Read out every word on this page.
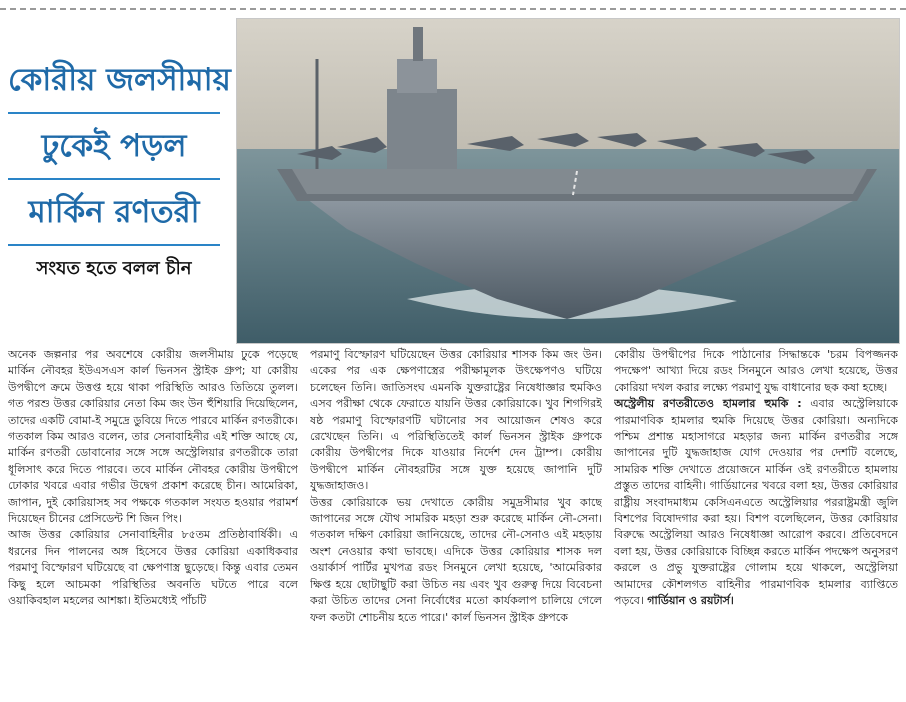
কোরীয় জলসীমায়
ঢুকেই পড়ল
মার্কিন রণতরী
সংযত হতে বলল চীন

অনেক জল্পনার পর অবশেষে কোরীয় জলসীমায় ঢুকে পড়েছে মার্কিন নৌবহর ইউএসএস কার্ল ভিনসন স্ট্রাইক গ্রুপ; যা কোরীয় উপদ্বীপে ক্রমে উত্তপ্ত হয়ে থাকা পরিস্থিতি আরও তিতিয়ে তুলল। গত পরশু উত্তর কোরিয়ার নেতা কিম জং উন হুঁশিয়ারি দিয়েছিলেন, তাদের একটি বোমা-ই সমুদ্রে ডুবিয়ে দিতে পারবে মার্কিন রণতরীকে। গতকাল কিম আরও বলেন, তার সেনাবাহিনীর এই শক্তি আছে যে, মার্কিন রণতরী ডোবানোর সঙ্গে সঙ্গে অস্ট্রেলিয়ার রণতরীকে তারা ধূলিসাৎ করে দিতে পারবে। তবে মার্কিন নৌবহর কোরীয় উপদ্বীপে ঢোকার খবরে এবার গভীর উদ্বেগ প্রকাশ করেছে চীন। আমেরিকা, জাপান, দুই কোরিয়াসহ সব পক্ষকে গতকাল সংযত হওয়ার পরামর্শ দিয়েছেন চীনের প্রেসিডেন্ট শি জিন পিং।

আজ উত্তর কোরিয়ার সেনাবাহিনীর ৮৫তম প্রতিষ্ঠাবার্ষিকী। এ ধরনের দিন পালনের অঙ্গ হিসেবে উত্তর কোরিয়া একাধিকবার পরমাণু বিস্ফোরণ ঘটিয়েছে বা ক্ষেপণাস্ত্র ছুড়েছে। কিন্তু এবার তেমন কিছু হলে আচমকা পরিস্থিতির অবনতি ঘটতে পারে বলে ওয়াকিবহাল মহলের আশঙ্কা। ইতিমধ্যেই পাঁচটি

পরমাণু বিস্ফোরণ ঘটিয়েছেন উত্তর কোরিয়ার শাসক কিম জং উন। একের পর এক ক্ষেপণাস্ত্রের পরীক্ষামূলক উৎক্ষেপণও ঘটিয়ে চলেছেন তিনি। জাতিসংঘ এমনকি যুক্তরাষ্ট্রের নিষেধাজ্ঞার হুমকিও এসব পরীক্ষা থেকে ফেরাতে যায়নি উত্তর কোরিয়াকে। খুব শিগগিরই ষষ্ঠ পরমাণু বিস্ফোরণটি ঘটানোর সব আয়োজন শেষও করে রেখেছেন তিনি। এ পরিস্থিতিতেই কার্ল ভিনসন স্ট্রাইক গ্রুপকে কোরীয় উপদ্বীপের দিকে যাওয়ার নির্দেশ দেন ট্রাম্প। কোরীয় উপদ্বীপে মার্কিন নৌবহরটির সঙ্গে যুক্ত হয়েছে জাপানি দুটি যুদ্ধজাহাজও।

উত্তর কোরিয়াকে ভয় দেখাতে কোরীয় সমুদ্রসীমার খুব কাছে জাপানের সঙ্গে যৌথ সামরিক মহড়া শুরু করেছে মার্কিন নৌ-সেনা। গতকাল দক্ষিণ কোরিয়া জানিয়েছে, তাদের নৌ-সেনাও এই মহড়ায় অংশ নেওয়ার কথা ভাবছে। এদিকে উত্তর কোরিয়ার শাসক দল ওয়ার্কার্স পার্টির মুখপত্র রডং সিনমুনে লেখা হয়েছে, 'আমেরিকার ক্ষিপ্ত হয়ে ছোটাছুটি করা উচিত নয় এবং খুব গুরুত্ব দিয়ে বিবেচনা করা উচিত তাদের সেনা নির্বোধের মতো কার্যকলাপ চালিয়ে গেলে ফল কতটা শোচনীয় হতে পারে।' কার্ল ভিনসন স্ট্রাইক গ্রুপকে

কোরীয় উপদ্বীপের দিকে পাঠানোর সিদ্ধান্তকে 'চরম বিপজ্জনক পদক্ষেপ' আখ্যা দিয়ে রডং সিনমুনে আরও লেখা হয়েছে, উত্তর কোরিয়া দখল করার লক্ষ্যে পরমাণু যুদ্ধ বাধানোর ছক কষা হচ্ছে।

অস্ট্রেলীয় রণতরীতেও হামলার হুমকি : এবার অস্ট্রেলিয়াকে পারমাণবিক হামলার হুমকি দিয়েছে উত্তর কোরিয়া। অন্যদিকে পশ্চিম প্রশান্ত মহাসাগরে মহড়ার জন্য মার্কিন রণতরীর সঙ্গে জাপানের দুটি যুদ্ধজাহাজ যোগ দেওয়ার পর দেশটি বলেছে, সামরিক শক্তি দেখাতে প্রয়োজনে মার্কিন ওই রণতরীতে হামলায় প্রস্তুত তাদের বাহিনী। গার্ডিয়ানের খবরে বলা হয়, উত্তর কোরিয়ার রাষ্ট্রীয় সংবাদমাধ্যম কেসিএনএতে অস্ট্রেলিয়ার পররাষ্ট্রমন্ত্রী জুলি বিশপের বিষোদগার করা হয়। বিশপ বলেছিলেন, উত্তর কোরিয়ার বিরুদ্ধে অস্ট্রেলিয়া আরও নিষেধাজ্ঞা আরোপ করবে। প্রতিবেদনে বলা হয়, উত্তর কোরিয়াকে বিচ্ছিন্ন করতে মার্কিন পদক্ষেপ অনুসরণ করলে ও প্রভু যুক্তরাষ্ট্রের গোলাম হয়ে থাকলে, অস্ট্রেলিয়া আমাদের কৌশলগত বাহিনীর পারমাণবিক হামলার ব্যাপ্তিতে পড়বে। গার্ডিয়ান ও রয়টার্স।
